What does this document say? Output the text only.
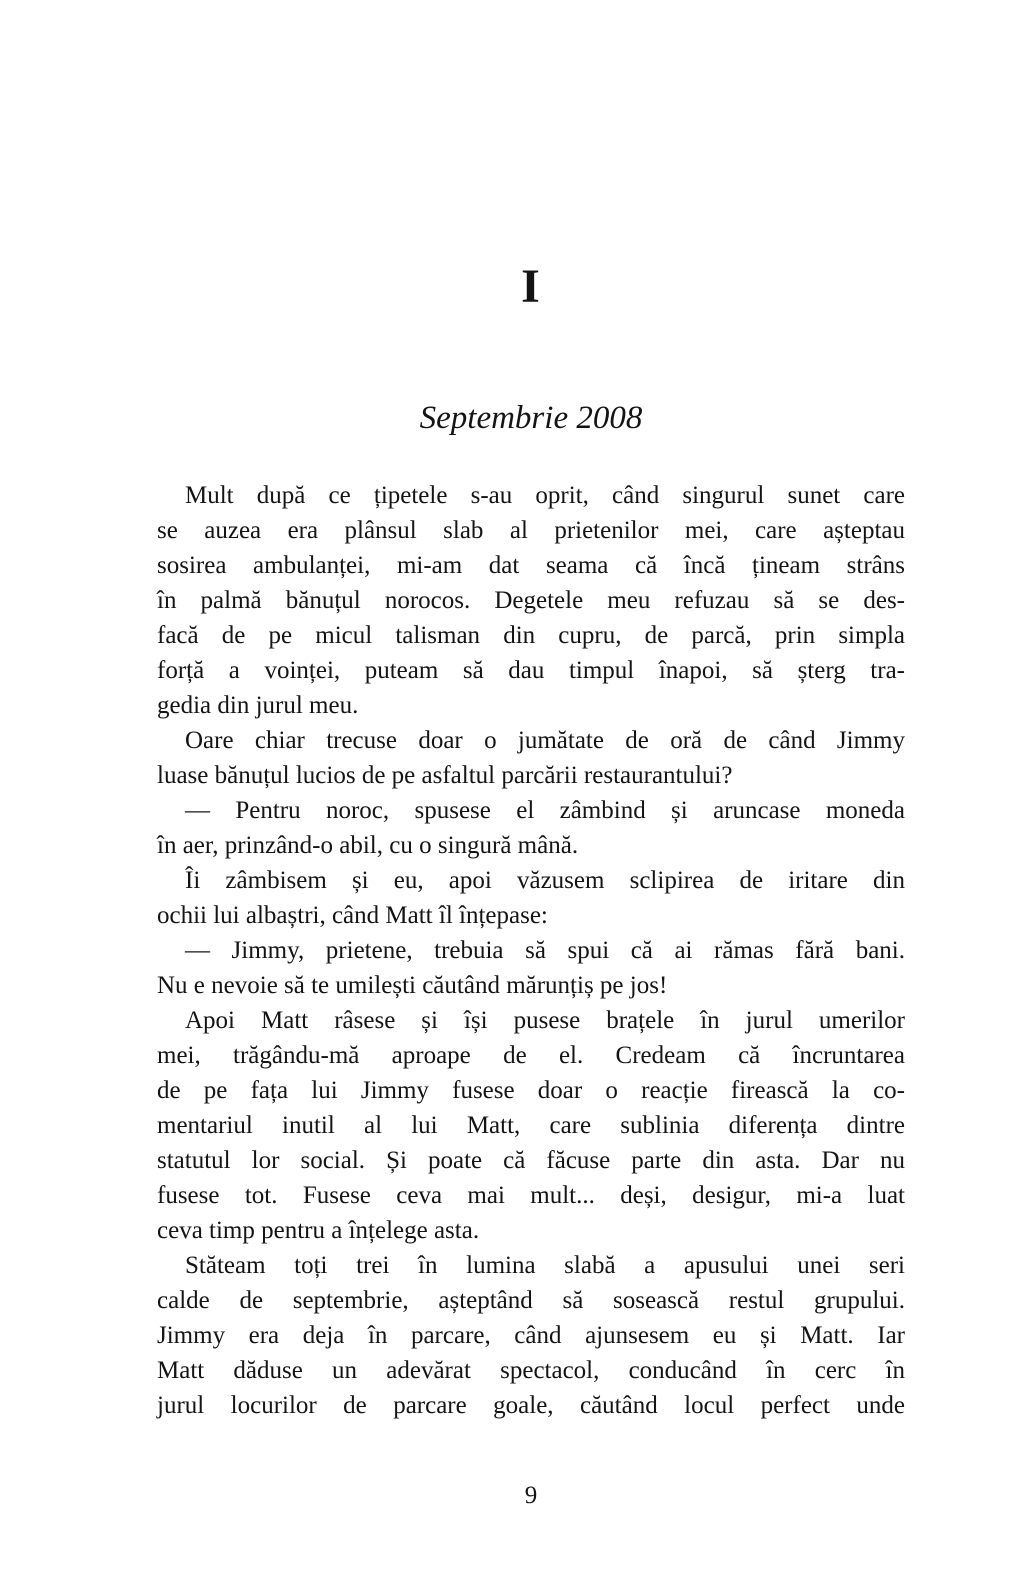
I
Septembrie 2008
Mult după ce țipetele s-au oprit, când singurul sunet care
se auzea era plânsul slab al prietenilor mei, care așteptau
sosirea ambulanței, mi-am dat seama că încă țineam strâns
în palmă bănuțul norocos. Degetele meu refuzau să se des-
facă de pe micul talisman din cupru, de parcă, prin simpla
forță a voinței, puteam să dau timpul înapoi, să șterg tra-
gedia din jurul meu.
Oare chiar trecuse doar o jumătate de oră de când Jimmy
luase bănuțul lucios de pe asfaltul parcării restaurantului?
— Pentru noroc, spusese el zâmbind și aruncase moneda
în aer, prinzând-o abil, cu o singură mână.
Îi zâmbisem și eu, apoi văzusem sclipirea de iritare din
ochii lui albaștri, când Matt îl înțepase:
— Jimmy, prietene, trebuia să spui că ai rămas fără bani.
Nu e nevoie să te umilești căutând mărunțiș pe jos!
Apoi Matt râsese și își pusese brațele în jurul umerilor
mei, trăgându-mă aproape de el. Credeam că încruntarea
de pe fața lui Jimmy fusese doar o reacție firească la co-
mentariul inutil al lui Matt, care sublinia diferența dintre
statutul lor social. Și poate că făcuse parte din asta. Dar nu
fusese tot. Fusese ceva mai mult... deși, desigur, mi-a luat
ceva timp pentru a înțelege asta.
Stăteam toți trei în lumina slabă a apusului unei seri
calde de septembrie, așteptând să sosească restul grupului.
Jimmy era deja în parcare, când ajunsesem eu și Matt. Iar
Matt dăduse un adevărat spectacol, conducând în cerc în
jurul locurilor de parcare goale, căutând locul perfect unde
9
